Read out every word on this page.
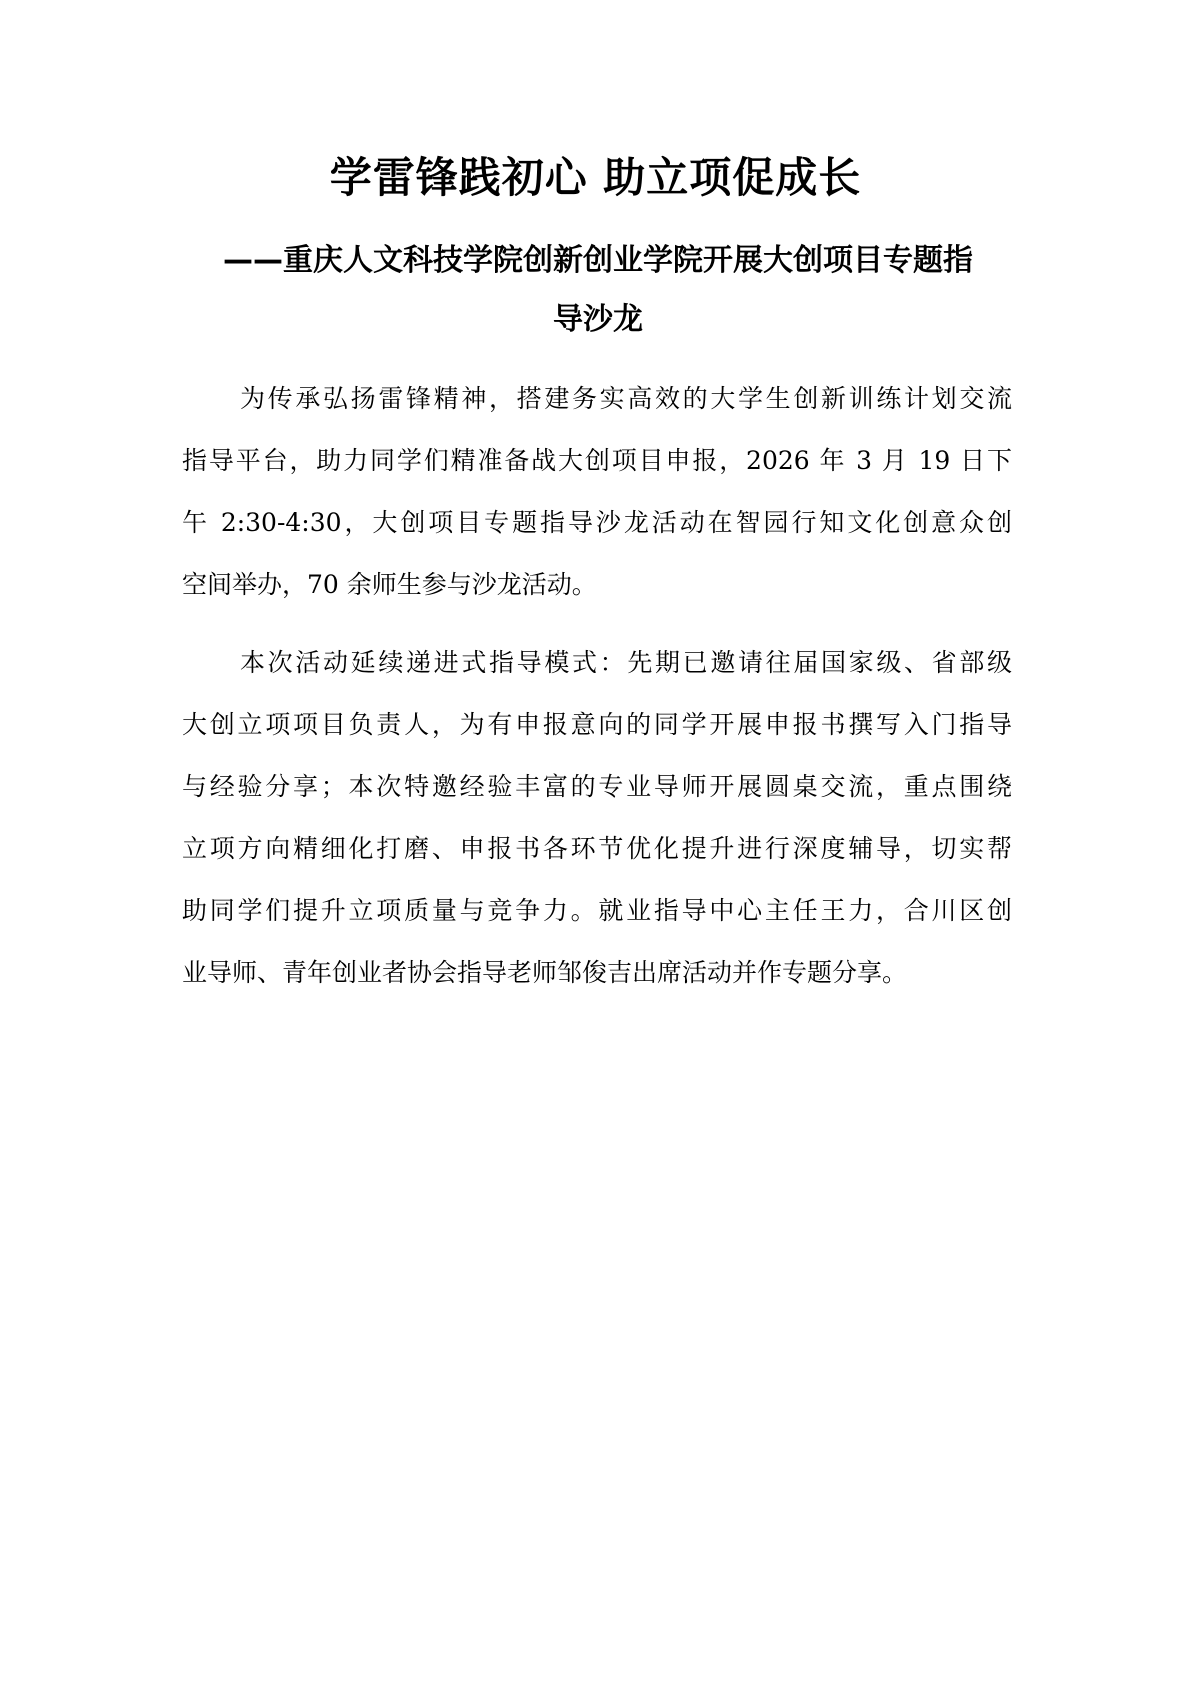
学雷锋践初心 助立项促成长
——重庆人文科技学院创新创业学院开展大创项目专题指
导沙龙

为传承弘扬雷锋精神，搭建务实高效的大学生创新训练计划交流
指导平台，助力同学们精准备战大创项目申报，2026 年 3 月 19 日下
午 2:30-4:30，大创项目专题指导沙龙活动在智园行知文化创意众创
空间举办，70 余师生参与沙龙活动。

本次活动延续递进式指导模式：先期已邀请往届国家级、省部级
大创立项项目负责人，为有申报意向的同学开展申报书撰写入门指导
与经验分享；本次特邀经验丰富的专业导师开展圆桌交流，重点围绕
立项方向精细化打磨、申报书各环节优化提升进行深度辅导，切实帮
助同学们提升立项质量与竞争力。就业指导中心主任王力，合川区创
业导师、青年创业者协会指导老师邹俊吉出席活动并作专题分享。
